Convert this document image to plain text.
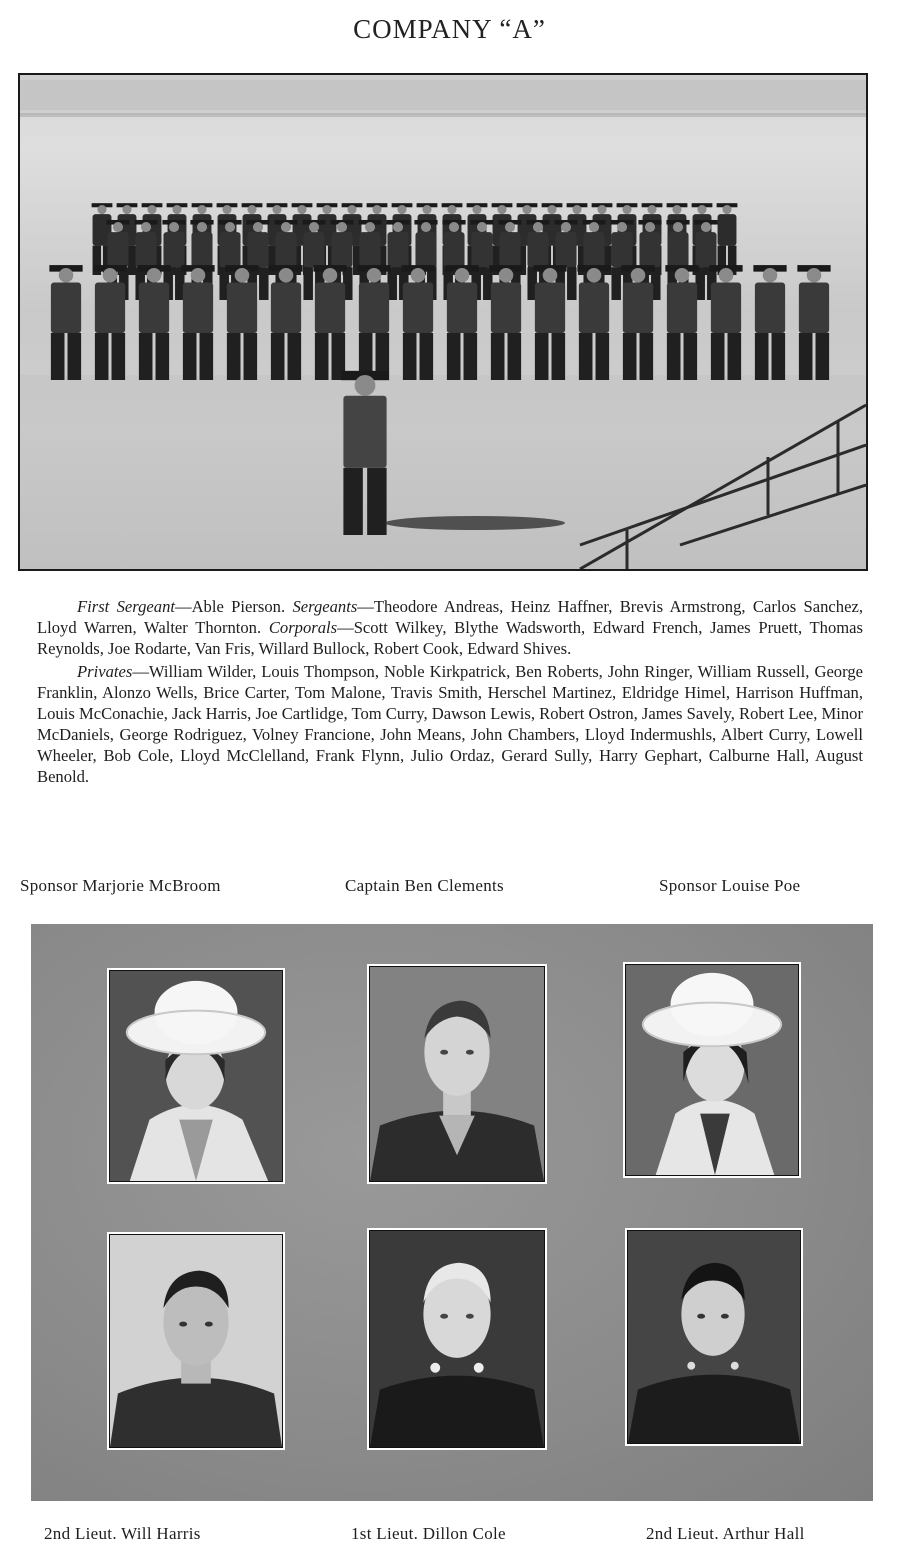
COMPANY “A”

First Sergeant—Able Pierson. Sergeants—Theodore Andreas, Heinz Haffner, Brevis Armstrong, Carlos Sanchez, Lloyd Warren, Walter Thornton. Corporals—Scott Wilkey, Blythe Wadsworth, Edward French, James Pruett, Thomas Reynolds, Joe Rodarte, Van Fris, Willard Bullock, Robert Cook, Edward Shives.

Privates—William Wilder, Louis Thompson, Noble Kirkpatrick, Ben Roberts, John Ringer, William Russell, George Franklin, Alonzo Wells, Brice Carter, Tom Malone, Travis Smith, Herschel Martinez, Eldridge Himel, Harrison Huffman, Louis McConachie, Jack Harris, Joe Cartlidge, Tom Curry, Dawson Lewis, Robert Ostron, James Savely, Robert Lee, Minor McDaniels, George Rodriguez, Volney Francione, John Means, John Chambers, Lloyd Indermushls, Albert Curry, Lowell Wheeler, Bob Cole, Lloyd McClelland, Frank Flynn, Julio Ordaz, Gerard Sully, Harry Gephart, Calburne Hall, August Benold.

Sponsor Marjorie McBroom	Captain Ben Clements	Sponsor Louise Poe
2nd Lieut. Will Harris	1st Lieut. Dillon Cole	2nd Lieut. Arthur Hall
